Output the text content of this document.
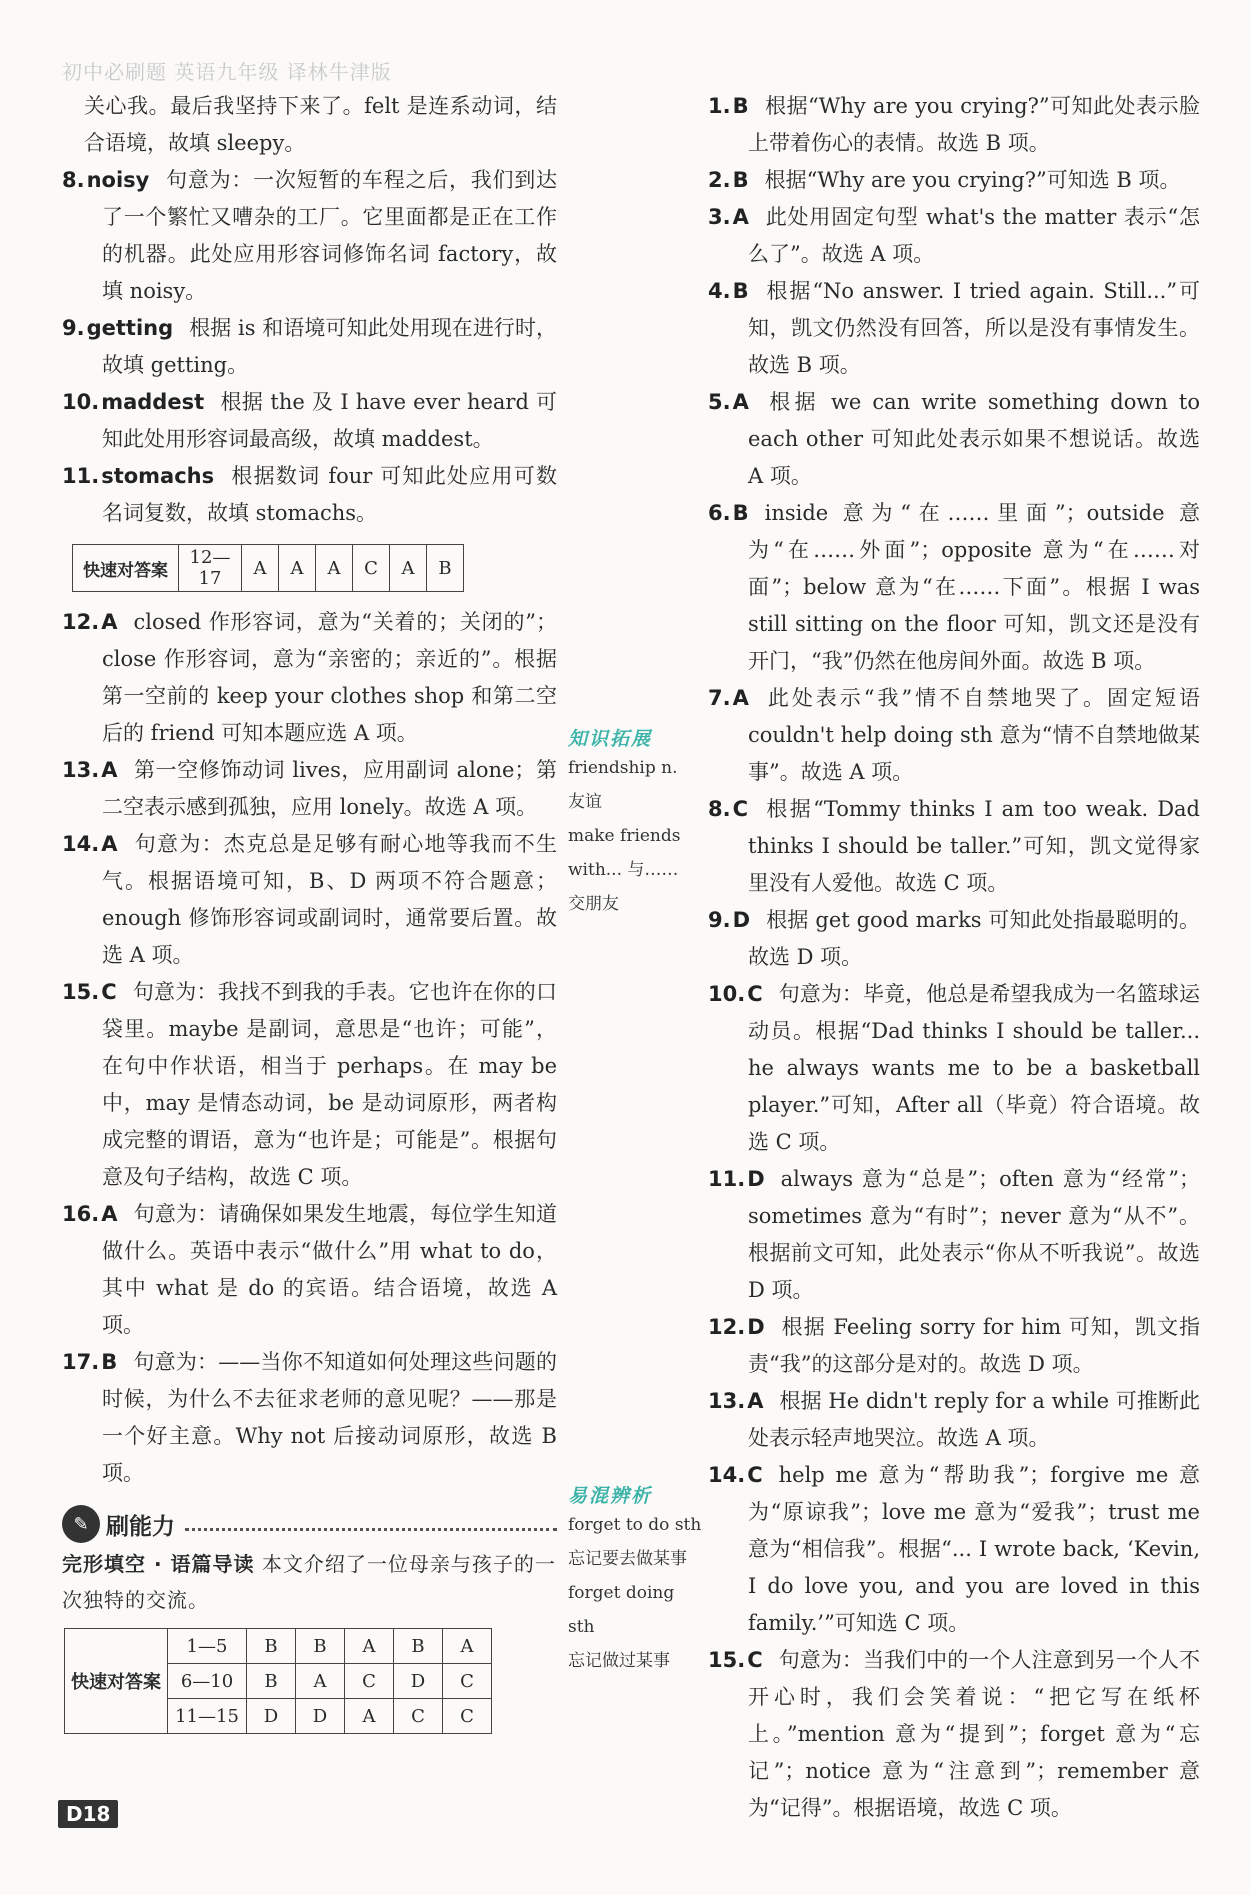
初中必刷题 英语九年级 译林牛津版
关心我。最后我坚持下来了。felt 是连系动词，结合语境，故填 sleepy。
8.noisy 句意为：一次短暂的车程之后，我们到达了一个繁忙又嘈杂的工厂。它里面都是正在工作的机器。此处应用形容词修饰名词 factory，故填 noisy。
9.getting 根据 is 和语境可知此处用现在进行时，故填 getting。
10.maddest 根据 the 及 I have ever heard 可知此处用形容词最高级，故填 maddest。
11.stomachs 根据数词 four 可知此处应用可数名词复数，故填 stomachs。
快速对答案	12—17	A	A	A	C	A	B
12.A closed 作形容词，意为“关着的；关闭的”；close 作形容词，意为“亲密的；亲近的”。根据第一空前的 keep your clothes shop 和第二空后的 friend 可知本题应选 A 项。
13.A 第一空修饰动词 lives，应用副词 alone；第二空表示感到孤独，应用 lonely。故选 A 项。
14.A 句意为：杰克总是足够有耐心地等我而不生气。根据语境可知，B、D 两项不符合题意；enough 修饰形容词或副词时，通常要后置。故选 A 项。
15.C 句意为：我找不到我的手表。它也许在你的口袋里。maybe 是副词，意思是“也许；可能”，在句中作状语，相当于 perhaps。在 may be 中，may 是情态动词，be 是动词原形，两者构成完整的谓语，意为“也许是；可能是”。根据句意及句子结构，故选 C 项。
16.A 句意为：请确保如果发生地震，每位学生知道做什么。英语中表示“做什么”用 what to do，其中 what 是 do 的宾语。结合语境，故选 A 项。
17.B 句意为：——当你不知道如何处理这些问题的时候，为什么不去征求老师的意见呢？——那是一个好主意。Why not 后接动词原形，故选 B 项。
✎ 刷能力
完形填空 · 语篇导读 本文介绍了一位母亲与孩子的一次独特的交流。
快速对答案	1—5	B	B	A	B	A
	6—10	B	A	C	D	C
	11—15	D	D	A	C	C
知识拓展
friendship n.
友谊
make friends
with... 与……
交朋友
易混辨析
forget to do sth
忘记要去做某事
forget doing sth
忘记做过某事
1.B 根据“Why are you crying?”可知此处表示脸上带着伤心的表情。故选 B 项。
2.B 根据“Why are you crying?”可知选 B 项。
3.A 此处用固定句型 what's the matter 表示“怎么了”。故选 A 项。
4.B 根据“No answer. I tried again. Still...”可知，凯文仍然没有回答，所以是没有事情发生。故选 B 项。
5.A 根据 we can write something down to each other 可知此处表示如果不想说话。故选 A 项。
6.B inside 意为“在……里面”；outside 意为“在……外面”；opposite 意为“在……对面”；below 意为“在……下面”。根据 I was still sitting on the floor 可知，凯文还是没有开门，“我”仍然在他房间外面。故选 B 项。
7.A 此处表示“我”情不自禁地哭了。固定短语 couldn't help doing sth 意为“情不自禁地做某事”。故选 A 项。
8.C 根据“Tommy thinks I am too weak. Dad thinks I should be taller.”可知，凯文觉得家里没有人爱他。故选 C 项。
9.D 根据 get good marks 可知此处指最聪明的。故选 D 项。
10.C 句意为：毕竟，他总是希望我成为一名篮球运动员。根据“Dad thinks I should be taller... he always wants me to be a basketball player.”可知，After all（毕竟）符合语境。故选 C 项。
11.D always 意为“总是”；often 意为“经常”；sometimes 意为“有时”；never 意为“从不”。根据前文可知，此处表示“你从不听我说”。故选 D 项。
12.D 根据 Feeling sorry for him 可知，凯文指责“我”的这部分是对的。故选 D 项。
13.A 根据 He didn't reply for a while 可推断此处表示轻声地哭泣。故选 A 项。
14.C help me 意为“帮助我”；forgive me 意为“原谅我”；love me 意为“爱我”；trust me 意为“相信我”。根据“... I wrote back, ‘Kevin, I do love you, and you are loved in this family.’”可知选 C 项。
15.C 句意为：当我们中的一个人注意到另一个人不开心时，我们会笑着说：“把它写在纸杯上。”mention 意为“提到”；forget 意为“忘记”；notice 意为“注意到”；remember 意为“记得”。根据语境，故选 C 项。
D18
